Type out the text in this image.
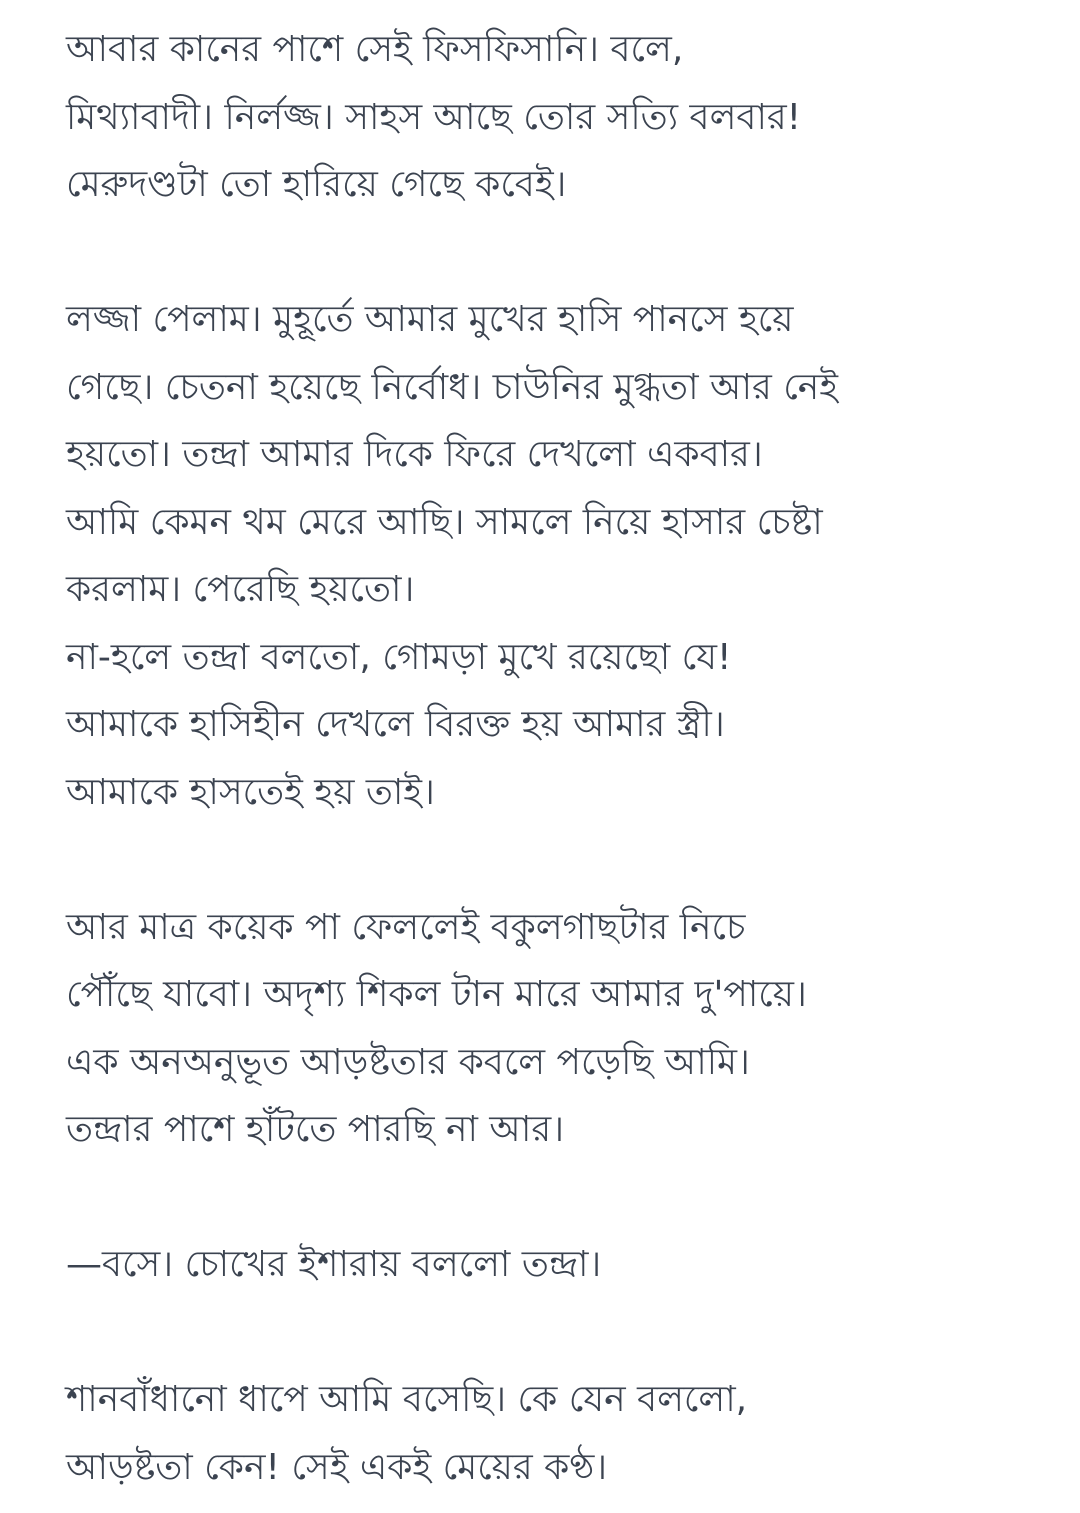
আবার কানের পাশে সেই ফিসফিসানি। বলে,
মিথ্যাবাদী। নির্লজ্জ। সাহস আছে তোর সত্যি বলবার!
মেরুদণ্ডটা তো হারিয়ে গেছে কবেই।

লজ্জা পেলাম। মুহূর্তে আমার মুখের হাসি পানসে হয়ে
গেছে। চেতনা হয়েছে নির্বোধ। চাউনির মুগ্ধতা আর নেই
হয়তো। তন্দ্রা আমার দিকে ফিরে দেখলো একবার।
আমি কেমন থম মেরে আছি। সামলে নিয়ে হাসার চেষ্টা
করলাম। পেরেছি হয়তো।
না-হলে তন্দ্রা বলতো, গোমড়া মুখে রয়েছো যে!
আমাকে হাসিহীন দেখলে বিরক্ত হয় আমার স্ত্রী।
আমাকে হাসতেই হয় তাই।

আর মাত্র কয়েক পা ফেললেই বকুলগাছটার নিচে
পৌঁছে যাবো। অদৃশ্য শিকল টান মারে আমার দু'পায়ে।
এক অনঅনুভূত আড়ষ্টতার কবলে পড়েছি আমি।
তন্দ্রার পাশে হাঁটতে পারছি না আর।

—বসে। চোখের ইশারায় বললো তন্দ্রা।

শানবাঁধানো ধাপে আমি বসেছি। কে যেন বললো,
আড়ষ্টতা কেন! সেই একই মেয়ের কণ্ঠ।
